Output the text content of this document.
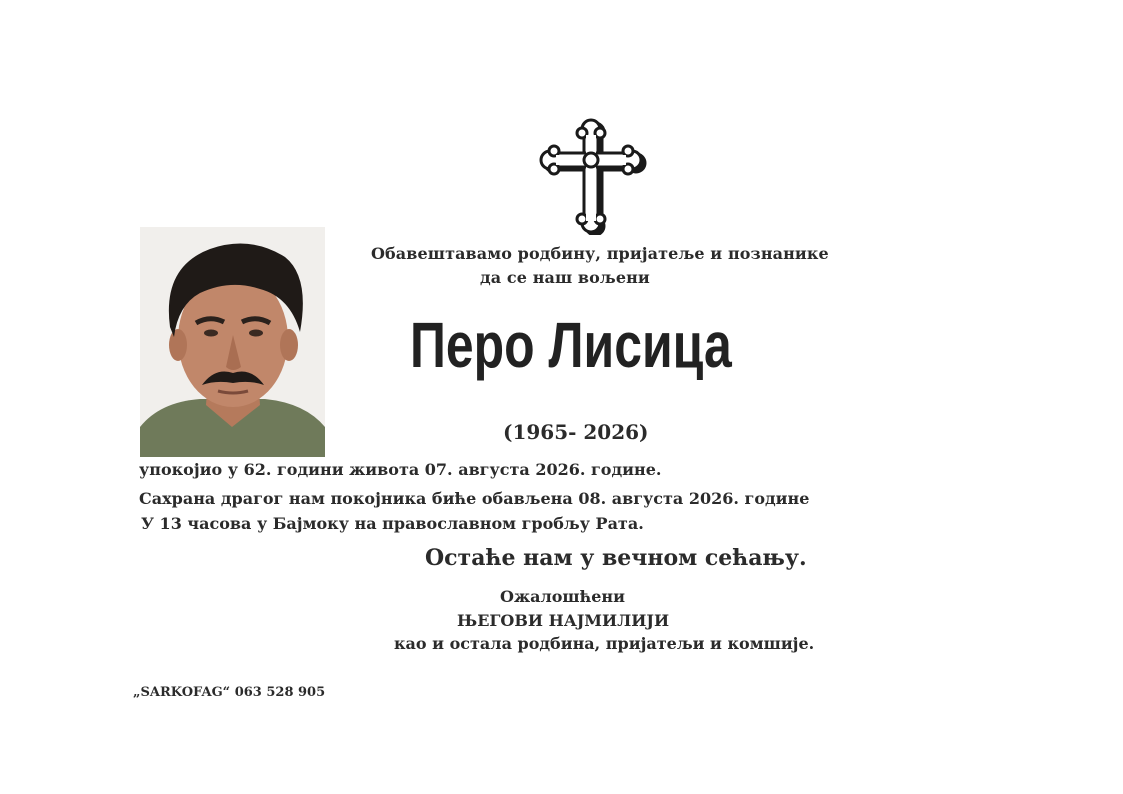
Обавештавамо родбину, пријатеље и познанике
да се наш вољени
Перо Лисица
(1965- 2026)
упокојио у 62. години живота 07. августа 2026. године.
Сахрана драгог нам покојника биће обављена 08. августа 2026. године
У 13 часова у Бајмоку на православном гробљу Рата.
Остаће нам у вечном сећању.
Ожалошћени
ЊЕГОВИ НАЈМИЛИЈИ
као и остала родбина, пријатељи и комшије.
„SARKOFAG“ 063 528 905
